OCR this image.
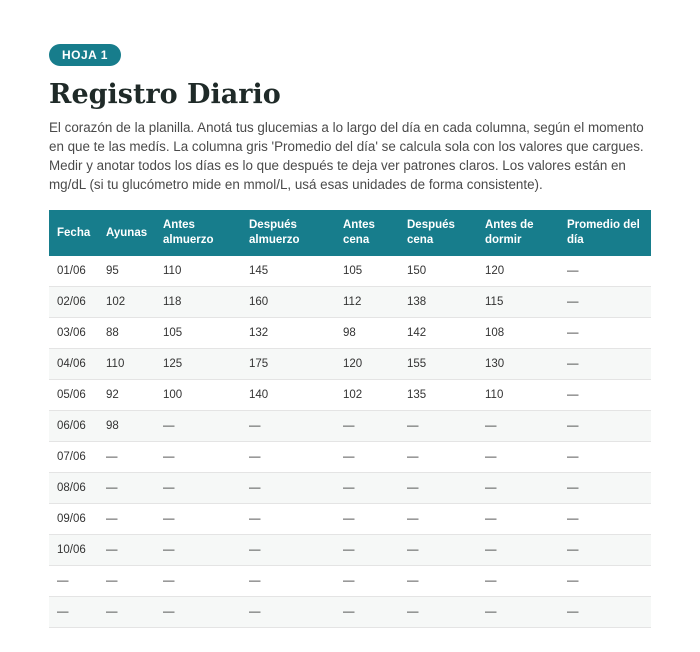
HOJA 1
Registro Diario

El corazón de la planilla. Anotá tus glucemias a lo largo del día en cada columna, según el momento en que te las medís. La columna gris 'Promedio del día' se calcula sola con los valores que cargues. Medir y anotar todos los días es lo que después te deja ver patrones claros. Los valores están en mg/dL (si tu glucómetro mide en mmol/L, usá esas unidades de forma consistente).

Fecha	Ayunas	Antes almuerzo	Después almuerzo	Antes cena	Después cena	Antes de dormir	Promedio del día
01/06	95	110	145	105	150	120	—
02/06	102	118	160	112	138	115	—
03/06	88	105	132	98	142	108	—
04/06	110	125	175	120	155	130	—
05/06	92	100	140	102	135	110	—
06/06	98	—	—	—	—	—	—
07/06	—	—	—	—	—	—	—
08/06	—	—	—	—	—	—	—
09/06	—	—	—	—	—	—	—
10/06	—	—	—	—	—	—	—
—	—	—	—	—	—	—	—
—	—	—	—	—	—	—	—
